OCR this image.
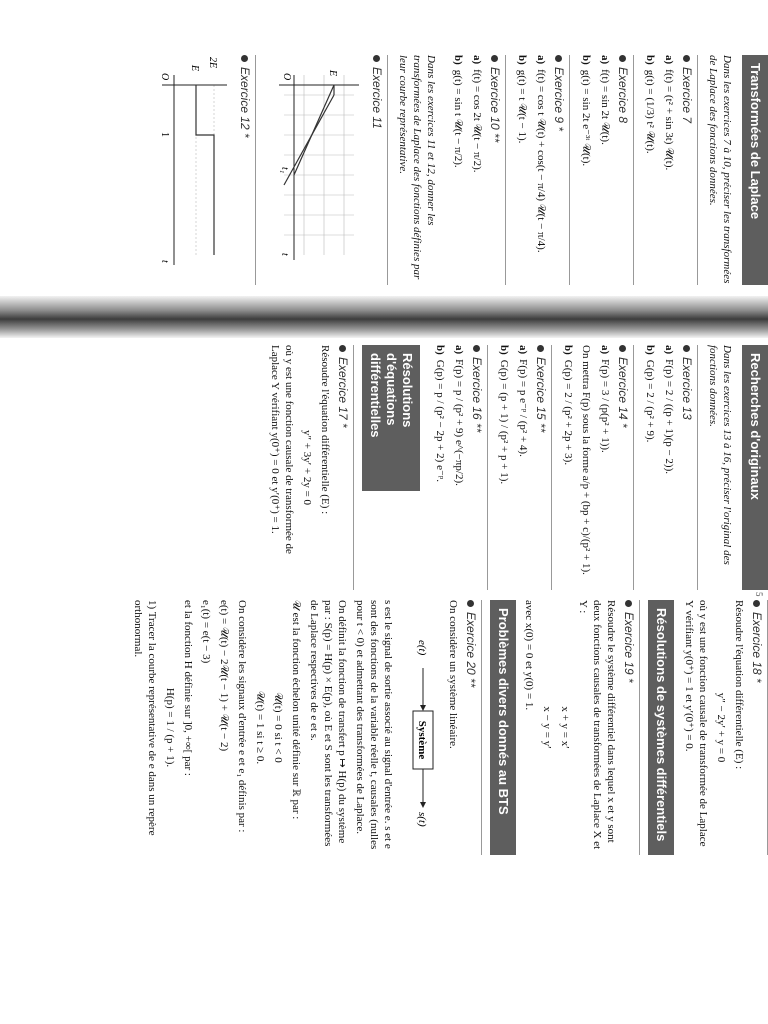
Transformées de Laplace
Dans les exercices 7 à 10, préciser les transformées de Laplace des fonctions données.
Exercice 7
a)f(t) = (t² + sin 3t) 𝒰(t).
b)g(t) = (1/3) t² 𝒰(t).
Exercice 8
a)f(t) = sin 2t 𝒰(t).
b)g(t) = sin 2t e⁻³ᵗ 𝒰(t).
Exercice 9 *
a)f(t) = cos t 𝒰(t) + cos(t − π/4) 𝒰(t − π/4).
b)g(t) = t 𝒰(t − 1).
Exercice 10 **
a)f(t) = cos 2t 𝒰(t − π/2).
b)g(t) = sin t 𝒰(t − π/2).
Dans les exercices 11 et 12, donner les transformées de Laplace des fonctions définies par leur courbe représentative.
Exercice 11
E
O
t₁
t
Exercice 12 *
2E
E
O
1
t
Recherches d'originaux
Dans les exercices 13 à 16, préciser l'original des fonctions données.
Exercice 13
a)F(p) = 2 / ((p + 1)(p − 2)).
b)G(p) = 2 / (p² + 9).
Exercice 14 *
a)F(p) = 3 / (p(p² + 1)).
On mettra F(p) sous la forme a/p + (bp + c)/(p² + 1).
b)G(p) = 2 / (p² + 2p + 3).
Exercice 15 **
a)F(p) = p e⁻ᵖ / (p² + 4).
b)G(p) = (p + 1) / (p² + p + 1).
Exercice 16 **
a)F(p) = p / (p² + 9) e^(−πp/2).
b)G(p) = p / (p² − 2p + 2) e⁻ᵖ.
Résolutions d'équations différentielles
Exercice 17 *
Résoudre l'équation différentielle (E) :
y″ + 3y′ + 2y = 0
où y est une fonction causale de transformée de Laplace Y vérifiant y(0⁺) = 0 et y′(0⁺) = 1.
5
Exercice 18 *
Résoudre l'équation différentielle (E) :
y″ − 2y′ + y = 0
où y est une fonction causale de transformée de Laplace Y vérifiant y(0⁺) = 1 et y′(0⁺) = 0.
Résolutions de systèmes différentiels
Exercice 19 *
Résoudre le système différentiel dans lequel x et y sont deux fonctions causales de transformées de Laplace X et Y :
x + y = x′
x − y = y′
avec x(0) = 0 et y(0) = 1.
Problèmes divers donnés au BTS
Exercice 20 **
On considère un système linéaire.
e(t)
Système
s(t)
s est le signal de sortie associé au signal d'entrée e. s et e sont des fonctions de la variable réelle t, causales (nulles pour t < 0) et admettant des transformées de Laplace.
On définit la fonction de transfert p ↦ H(p) du système par : S(p) = H(p) × E(p), où E et S sont les transformées de Laplace respectives de e et s.
𝒰 est la fonction échelon unité définie sur ℝ par :
𝒰(t) = 0 si t < 0
𝒰(t) = 1 si t ≥ 0.
On considère les signaux d'entrée e et e₁ définis par :
e(t) = 𝒰(t) − 2𝒰(t − 1) + 𝒰(t − 2)
e₁(t) = e(t − 3)
et la fonction H définie sur ]0, +∞[ par :
H(p) = 1 / (p + 1).
1) Tracer la courbe représentative de e dans un repère orthonormal.
